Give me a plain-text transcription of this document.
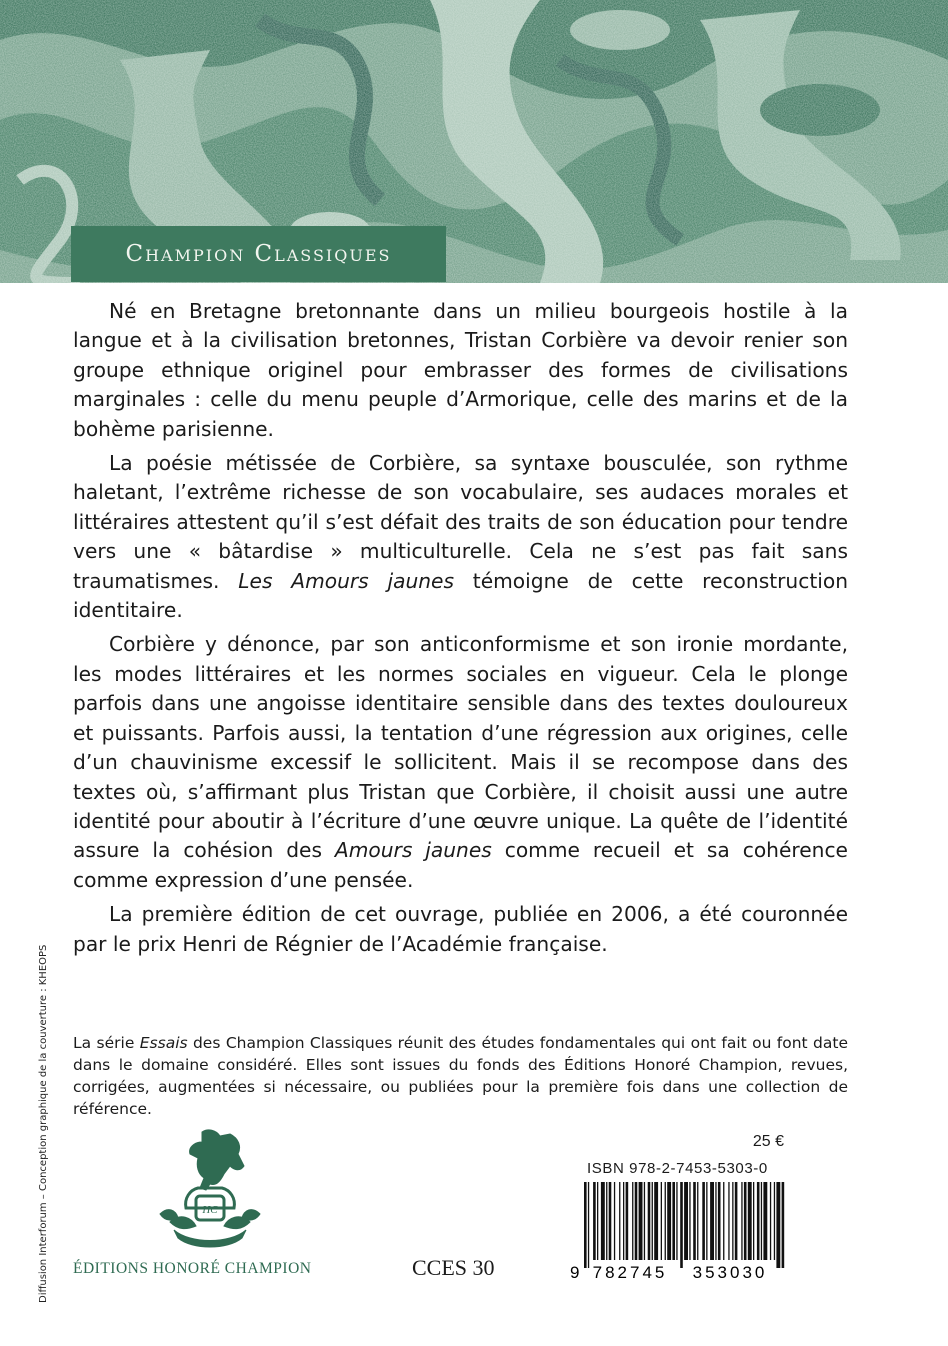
Champion Classiques

Né en Bretagne bretonnante dans un milieu bourgeois hostile à la langue et à la civilisation bretonnes, Tristan Corbière va devoir renier son groupe ethnique originel pour embrasser des formes de civilisations marginales : celle du menu peuple d’Armorique, celle des marins et de la bohème parisienne.

La poésie métissée de Corbière, sa syntaxe bousculée, son rythme haletant, l’extrême richesse de son vocabulaire, ses audaces morales et littéraires attestent qu’il s’est défait des traits de son éducation pour tendre vers une « bâtardise » multiculturelle. Cela ne s’est pas fait sans traumatismes. Les Amours jaunes témoigne de cette reconstruction identitaire.

Corbière y dénonce, par son anticonformisme et son ironie mordante, les modes littéraires et les normes sociales en vigueur. Cela le plonge parfois dans une angoisse identitaire sensible dans des textes douloureux et puissants. Parfois aussi, la tentation d’une régression aux origines, celle d’un chauvinisme excessif le sollicitent. Mais il se recompose dans des textes où, s’affirmant plus Tristan que Corbière, il choisit aussi une autre identité pour aboutir à l’écriture d’une œuvre unique. La quête de l’identité assure la cohésion des Amours jaunes comme recueil et sa cohérence comme expression d’une pensée.

La première édition de cet ouvrage, publiée en 2006, a été couronnée par le prix Henri de Régnier de l’Académie française.

Diffusion Interforum – Conception graphique de la couverture : KHEOPS La série Essais des Champion Classiques réunit des études fondamentales qui ont fait ou font date dans le domaine considéré. Elles sont issues du fonds des Éditions Honoré Champion, revues, corrigées, augmentées si nécessaire, ou publiées pour la première fois dans une collection de référence.
HC
ÉDITIONS HONORÉ CHAMPION	CCES 30
25 €
ISBN 978-2-7453-5303-0
9 782745 353030
